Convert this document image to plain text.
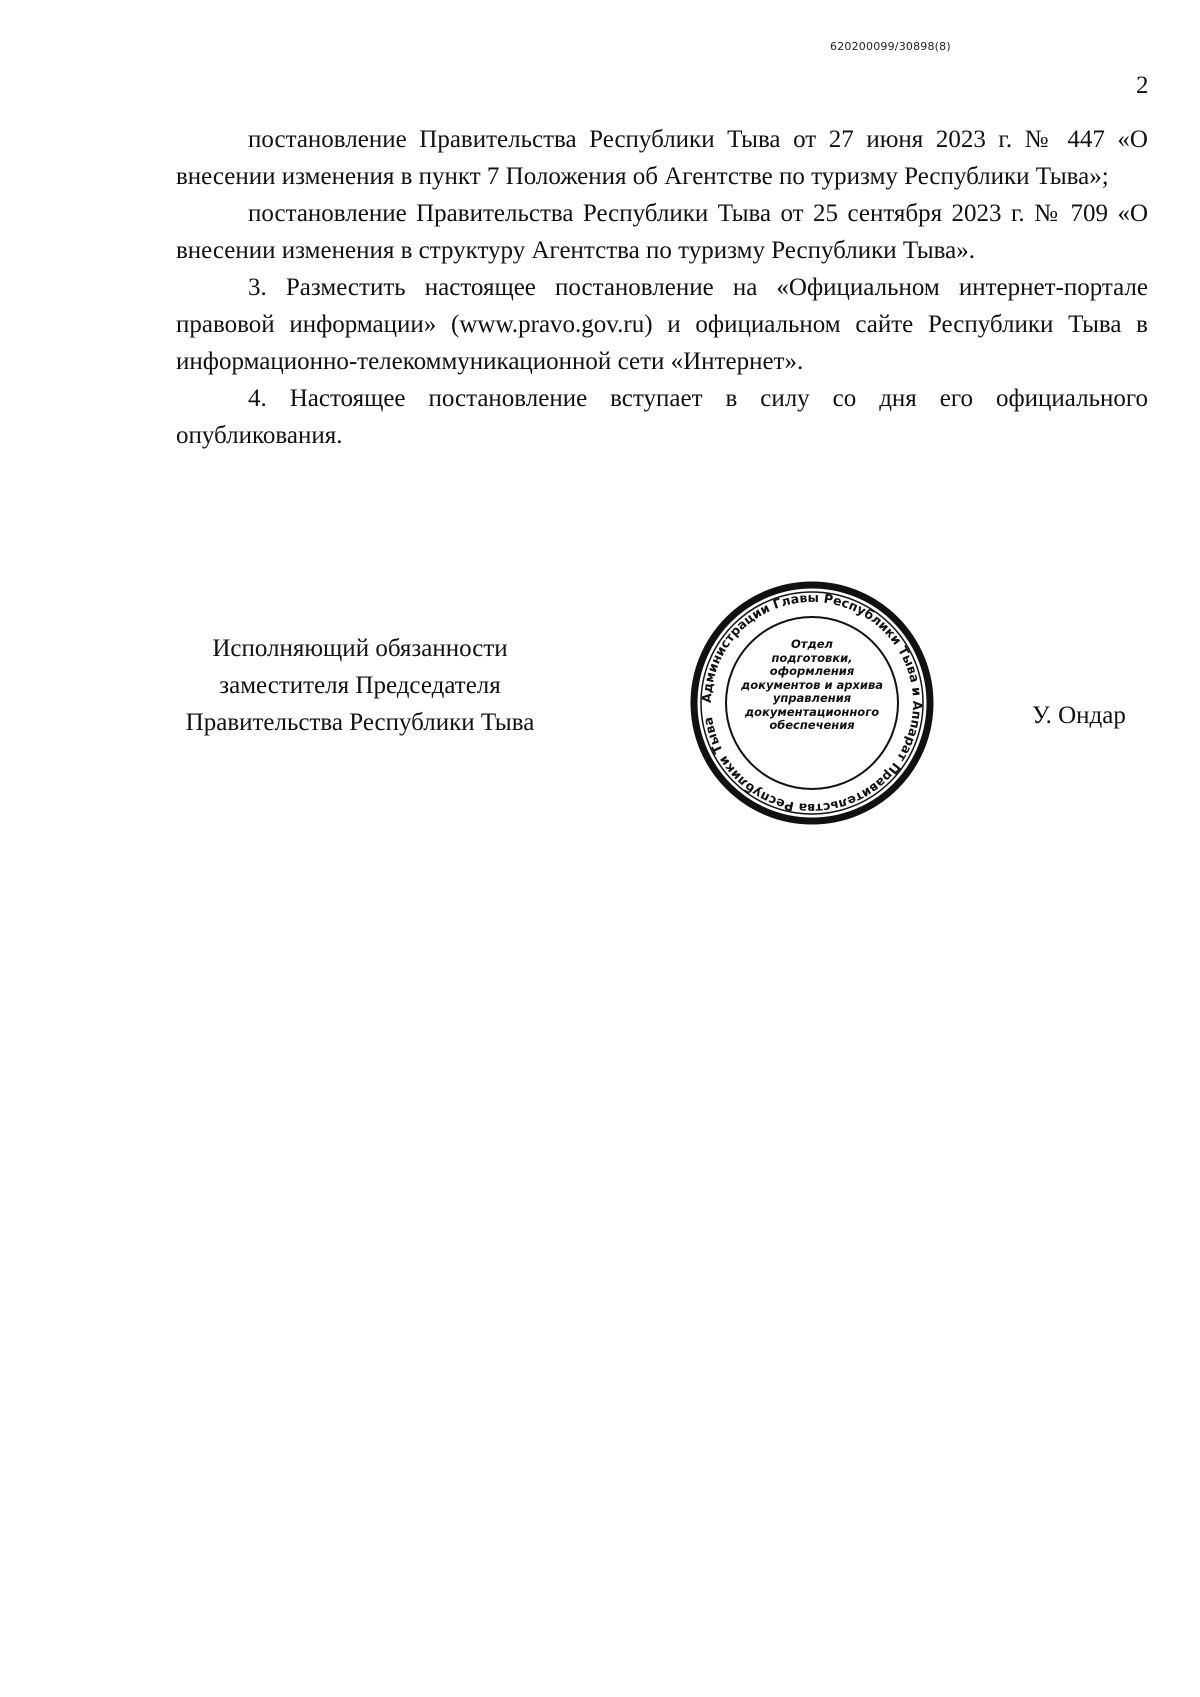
620200099/30898(8)
2

постановление Правительства Республики Тыва от 27 июня 2023 г. № 447 «О внесении изменения в пункт 7 Положения об Агентстве по туризму Республики Тыва»;

постановление Правительства Республики Тыва от 25 сентября 2023 г. № 709 «О внесении изменения в структуру Агентства по туризму Республики Тыва».

3. Разместить настоящее постановление на «Официальном интернет-портале правовой информации» (www.pravo.gov.ru) и официальном сайте Республики Тыва в информационно-телекоммуникационной сети «Интернет».

4. Настоящее постановление вступает в силу со дня его официального опубликования.

Исполняющий обязанности
заместителя Председателя
Правительства Республики Тыва
Администрации Главы Республики Тыва и Аппарат Правительства Республики Тыва
Отдел
подготовки,
оформления
документов и архива
управления
документационного
обеспечения	У. Ондар
